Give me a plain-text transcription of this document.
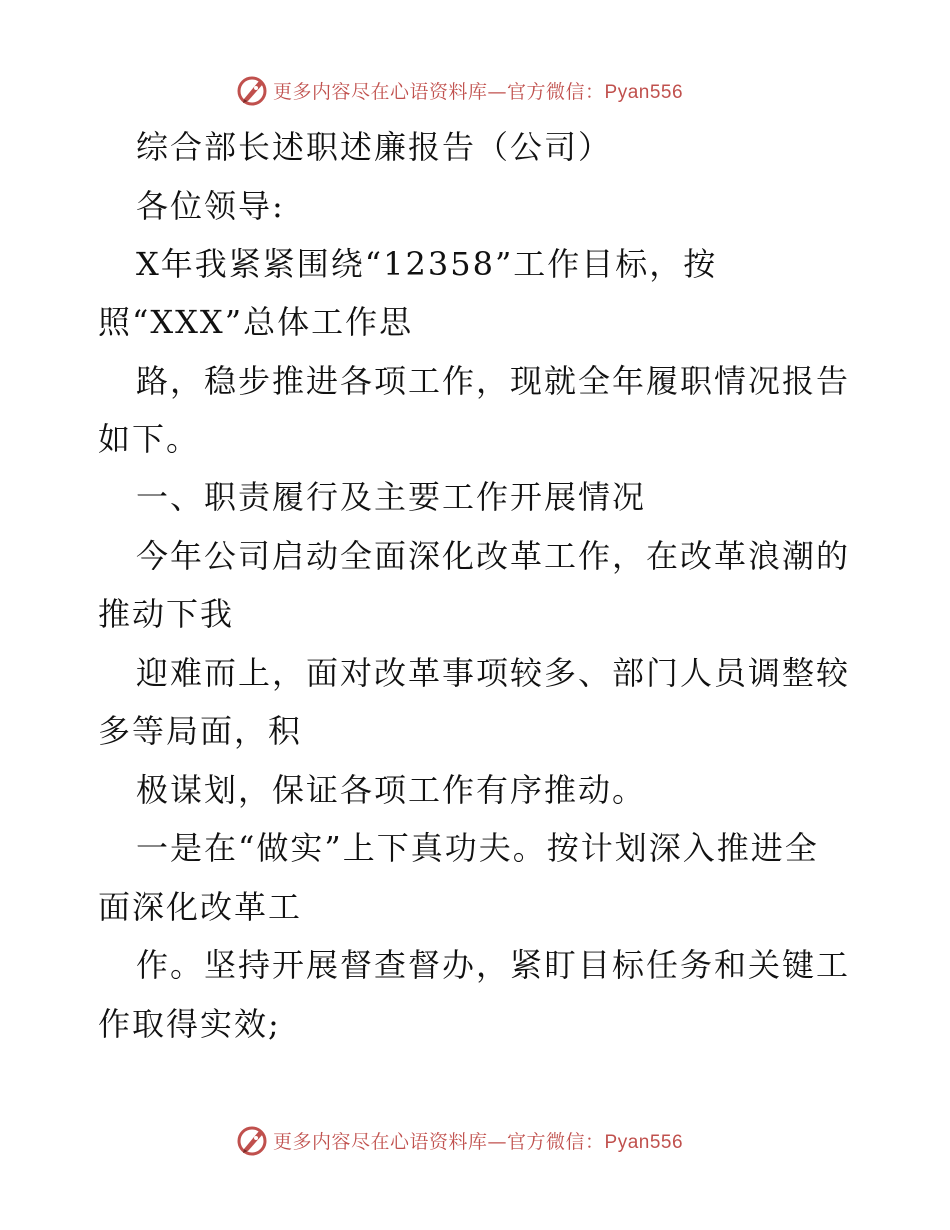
更多内容尽在心语资料库—官方微信：Pyan556
综合部长述职述廉报告（公司）
各位领导:
X年我紧紧围绕“12358”工作目标，按
照“XXX”总体工作思
路，稳步推进各项工作，现就全年履职情况报告
如下。
一、职责履行及主要工作开展情况
今年公司启动全面深化改革工作，在改革浪潮的
推动下我
迎难而上，面对改革事项较多、部门人员调整较
多等局面，积
极谋划，保证各项工作有序推动。
一是在“做实”上下真功夫。按计划深入推进全
面深化改革工
作。坚持开展督查督办，紧盯目标任务和关键工
作取得实效;
更多内容尽在心语资料库—官方微信：Pyan556
